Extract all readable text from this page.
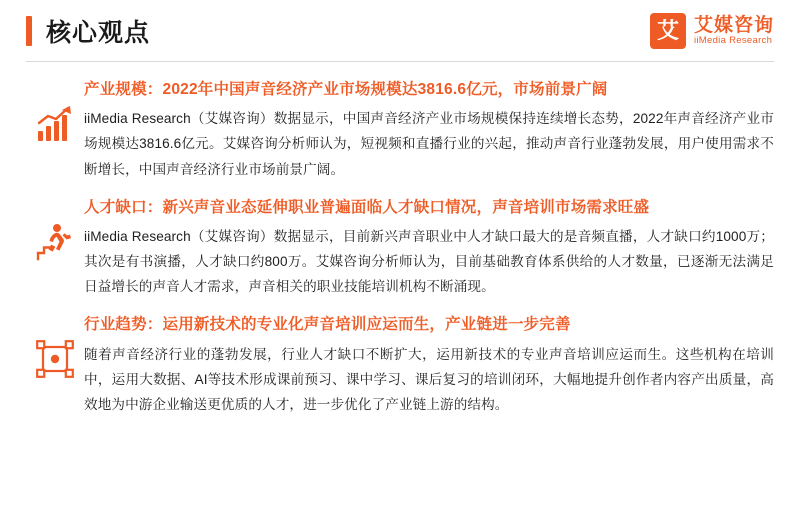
核心观点	艾 艾媒咨询
iiMedia Research
产业规模：2022年中国声音经济产业市场规模达3816.6亿元，市场前景广阔
iiMedia Research（艾媒咨询）数据显示，中国声音经济产业市场规模保持连续增长态势，2022年声音经济产业市场规模达3816.6亿元。艾媒咨询分析师认为，短视频和直播行业的兴起，推动声音行业蓬勃发展，用户使用需求不断增长，中国声音经济行业市场前景广阔。
人才缺口：新兴声音业态延伸职业普遍面临人才缺口情况，声音培训市场需求旺盛
iiMedia Research（艾媒咨询）数据显示，目前新兴声音职业中人才缺口最大的是音频直播，人才缺口约1000万；其次是有书演播，人才缺口约800万。艾媒咨询分析师认为，目前基础教育体系供给的人才数量，已逐渐无法满足日益增长的声音人才需求，声音相关的职业技能培训机构不断涌现。
行业趋势：运用新技术的专业化声音培训应运而生，产业链进一步完善
随着声音经济行业的蓬勃发展，行业人才缺口不断扩大，运用新技术的专业声音培训应运而生。这些机构在培训中，运用大数据、AI等技术形成课前预习、课中学习、课后复习的培训闭环，大幅地提升创作者内容产出质量，高效地为中游企业输送更优质的人才，进一步优化了产业链上游的结构。
